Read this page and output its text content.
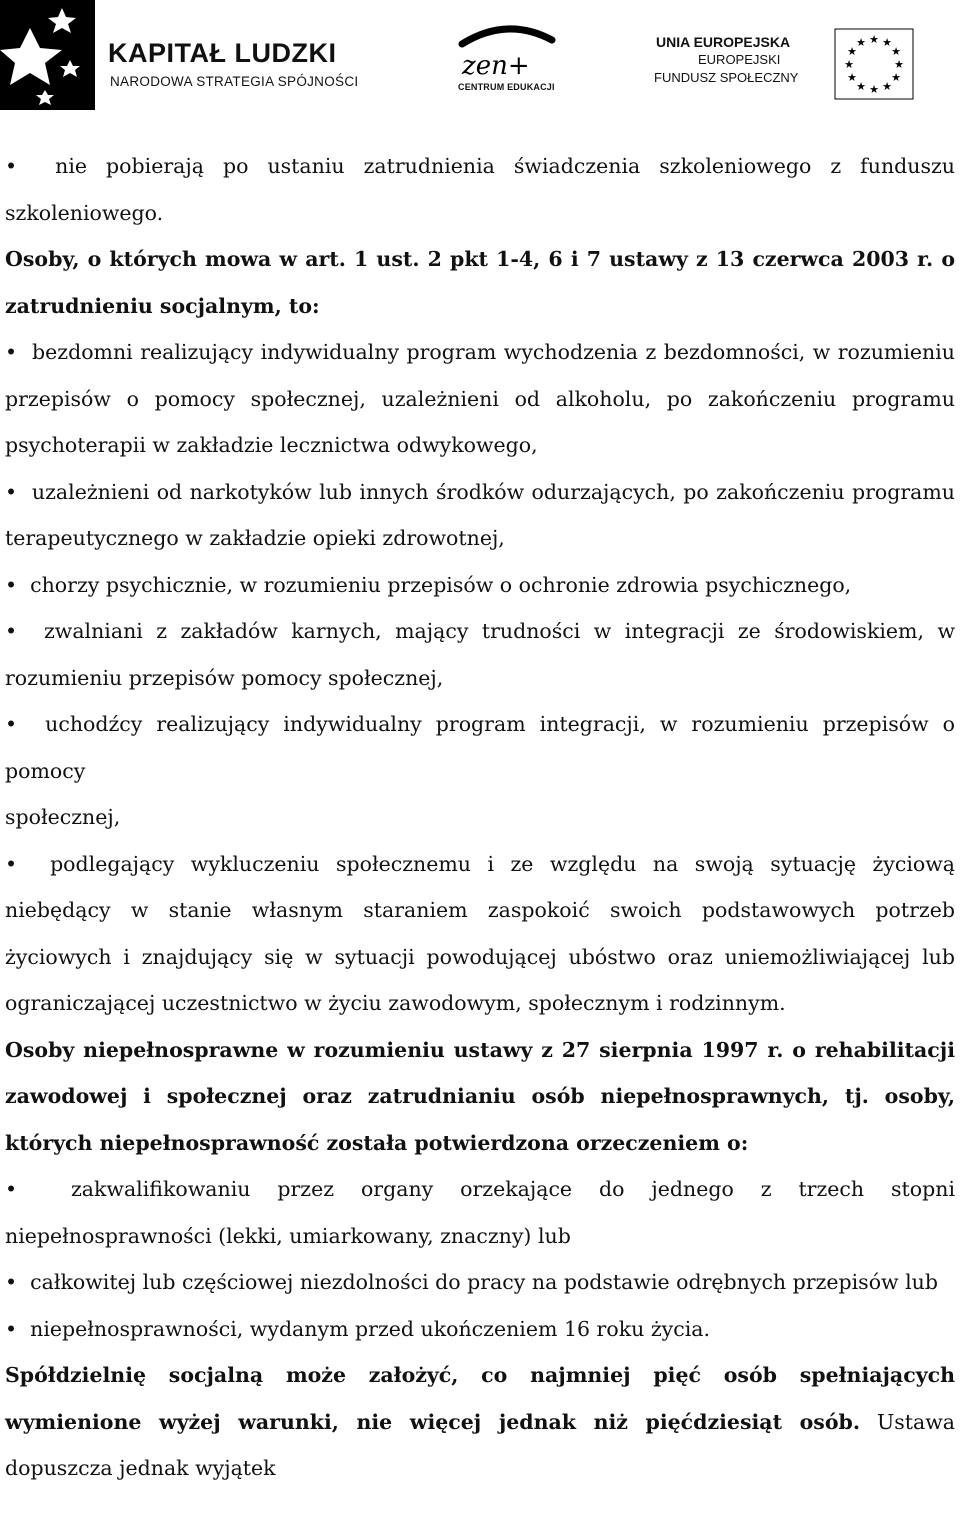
KAPITAŁ LUDZKI
NARODOWA STRATEGIA SPÓJNOŚCI
zen+
CENTRUM EDUKACJI
UNIA EUROPEJSKA
EUROPEJSKI
FUNDUSZ SPOŁECZNY
★ ★
★
★
★
★
★
★
★
★
★
★

•  nie pobierają po ustaniu zatrudnienia świadczenia szkoleniowego z funduszu szkoleniowego.

Osoby, o których mowa w art. 1 ust. 2 pkt 1-4, 6 i 7 ustawy z 13 czerwca 2003 r. o zatrudnieniu socjalnym, to:

•  bezdomni realizujący indywidualny program wychodzenia z bezdomności, w rozumieniu przepisów o pomocy społecznej, uzależnieni od alkoholu, po zakończeniu programu psychoterapii w zakładzie lecznictwa odwykowego,

•  uzależnieni od narkotyków lub innych środków odurzających, po zakończeniu programu terapeutycznego w zakładzie opieki zdrowotnej,

•  chorzy psychicznie, w rozumieniu przepisów o ochronie zdrowia psychicznego,

•  zwalniani z zakładów karnych, mający trudności w integracji ze środowiskiem, w rozumieniu przepisów pomocy społecznej,

•  uchodźcy realizujący indywidualny program integracji, w rozumieniu przepisów o pomocy

społecznej,

•  podlegający wykluczeniu społecznemu i ze względu na swoją sytuację życiową niebędący w stanie własnym staraniem zaspokoić swoich podstawowych potrzeb życiowych i znajdujący się w sytuacji powodującej ubóstwo oraz uniemożliwiającej lub ograniczającej uczestnictwo w życiu zawodowym, społecznym i rodzinnym.

Osoby niepełnosprawne w rozumieniu ustawy z 27 sierpnia 1997 r. o rehabilitacji zawodowej i społecznej oraz zatrudnianiu osób niepełnosprawnych, tj. osoby, których niepełnosprawność została potwierdzona orzeczeniem o:

•  zakwalifikowaniu przez organy orzekające do jednego z trzech stopni niepełnosprawności (lekki, umiarkowany, znaczny) lub

•  całkowitej lub częściowej niezdolności do pracy na podstawie odrębnych przepisów lub

•  niepełnosprawności, wydanym przed ukończeniem 16 roku życia.

Spółdzielnię socjalną może założyć, co najmniej pięć osób spełniających wymienione wyżej warunki, nie więcej jednak niż pięćdziesiąt osób. Ustawa dopuszcza jednak wyjątek
